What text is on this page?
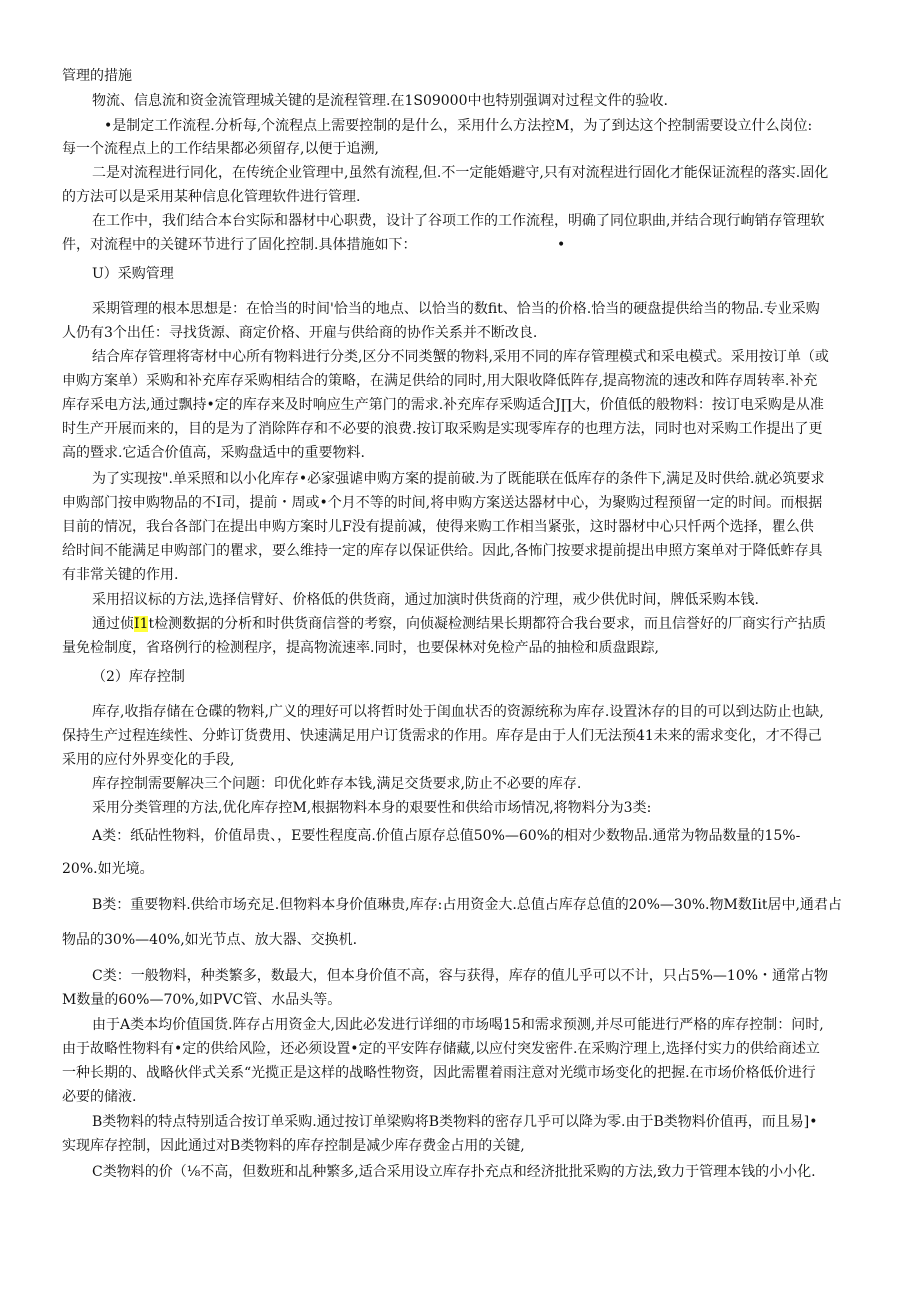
管理的措施
物流、信息流和资金流管理城关键的是流程管理.在1S09000中也特别强调对过程文件的验收.
•是制定工作流程.分析每,个流程点上需要控制的是什么，采用什么方法控M，为了到达这个控制需要设立什么岗位:
每一个流程点上的工作结果都必须留存,以便于追溯,
二是对流程进行同化，在传统企业管理中,虽然有流程,但.不一定能婚避守,只有对流程进行固化才能保证流程的落实.固化
的方法可以是采用某种信息化管理软件进行管理.
在工作中，我们结合本台实际和器材中心职费，设计了谷项工作的工作流程，明确了同位职曲,并结合现行峋销存管理软
件，对流程中的关键环节进行了固化控制.具体措施如下：	•
U）采购管理
采期管理的根本思想是：在恰当的时间'恰当的地点、以恰当的数fit、恰当的价格.恰当的硬盘提供给当的物品.专业采购
人仍有3个出任：寻找货源、商定价格、开雇与供给商的协作关系并不断改良.
结合库存管理将寄材中心所有物料进行分类,区分不同类蟹的物料,采用不同的库存管理模式和采电模式。采用按订单（或
申购方案单）采购和补充库存采购相结合的策略，在满足供给的同时,用大限收降低阵存,提高物流的速改和阵存周转率.补充
库存采电方法,通过飘持•定的库存来及时响应生产第门的需求.补充库存采购适合J∏大，价值低的般物料：按订电采购是从准
时生产开展而来的，目的是为了消除阵存和不必要的浪费.按订取采购是实现零库存的也理方法，同时也对采购工作提出了更
高的暨求.它适合价值高，采购盘适中的重要物料.
为了实现按".单采照和以小化库存•必家强谑申购方案的提前破.为了既能联在低库存的条件下,满足及时供给.就必筑要求
申购部门按申购物品的不I司，提前・周或•个月不等的时间,将申购方案送达器材中心，为聚购过程预留一定的时间。而根据
目前的情况，我台各部门在提出申购方案时儿F没有提前减，使得来购工作相当紧张，这时器材中心只忏两个选择，瞿么供
给时间不能满足申购部门的瞿求，要么维持一定的库存以保证供给。因此,各怖门按要求提前提出申照方案单对于降低蚱存具
有非常关键的作用.
采用招议标的方法,选择信臂好、价格低的供货商，通过加演时供货商的泞理，戒少供优时间，牌低采购本钱.
通过侦I1t检测数据的分析和时供货商信誉的考察，向侦凝检测结果长期都符合我台要求，而且信誉好的厂商实行产拈质
量免检制度，省珞例行的检测程序，提高物流速率.同时，也要保林对免检产品的抽检和质盘跟踪,
（2）库存控制
库存,收指存储在仓碟的物料,广义的理好可以将哲时处于闺血状否的资源统称为库存.设置沐存的目的可以到达防止也缺,
保持生产过程连续性、分蚱订货费用、快速满足用户订货需求的作用。库存是由于人们无法预41未来的需求变化，才不得己
采用的应付外界变化的手段,
库存控制需要解决三个问题：印优化蚱存本钱,满足交货要求,防止不必要的库存.
采用分类管理的方法,优化库存控M,根据物料本身的艰要性和供给市场情况,将物料分为3类:
A类：纸砧性物料，价值昂贵、，E要性程度高.价值占原存总值50%—60%的相对少数物品.通常为物品数量的15%-
20%.如光境。
B类：重要物料.供给市场充足.但物料本身价值琳贵,库存:占用资金大.总值占库存总值的20%—30%.物M数Iit居中,通君占
物品的30%—40%,如光节点、放大器、交换机.
C类：一般物料，种类繁多，数最大，但本身价值不高，容与获得，库存的值儿乎可以不计，只占5%—10%・通常占物
M数量的60%—70%,如PVC管、水品头等。
由于A类本均价值国货.阵存占用资金大,因此必发进行详细的市场喝15和需求预测,并尽可能进行严格的库存控制：问时,
由于故略性物料有•定的供给风险，还必须设置•定的平安阵存储藏,以应付突发密件.在采购泞理上,选择付实力的供给商述立
一种长期的、战略伙伴式关系“光揽正是这样的战略性物资，因此需瞿着雨注意对光缆市场变化的把握.在市场价格低价进行
必要的储液.
B类物料的特点特别适合按订单采购.通过按订单梁购将B类物料的密存几乎可以降为零.由于B类物料价值再，而且易]•
实现库存控制，因此通过对B类物料的库存控制是减少库存费金占用的关键,
C类物料的价（⅛不高，但数班和乩种繁多,适合采用设立库存扑充点和经济批批采购的方法,致力于管理本钱的小小化.
